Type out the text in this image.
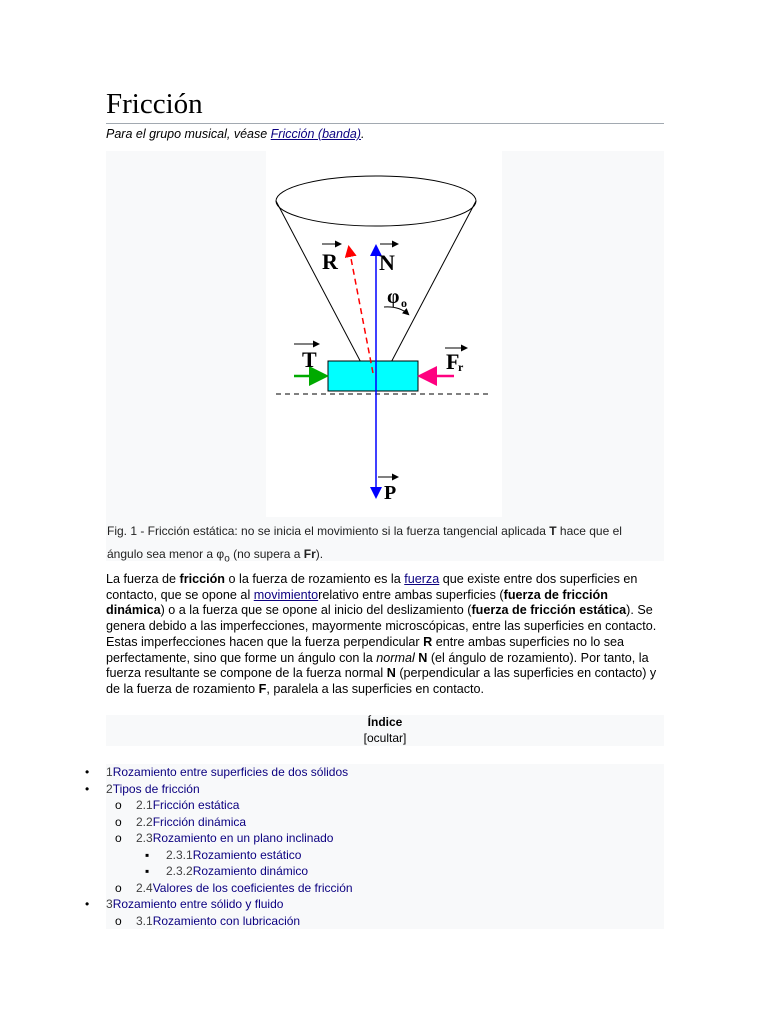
Fricción
Para el grupo musical, véase Fricción (banda).
R N
φ o
T	F
r
P
Fig. 1 - Fricción estática: no se inicia el movimiento si la fuerza tangencial aplicada T hace que el ángulo sea menor a $\varphi_o$ (no supera a Fr).
La fuerza de fricción o la fuerza de rozamiento es la fuerza que existe entre dos superficies en contacto, que se opone al movimientorelativo entre ambas superficies (fuerza de fricción dinámica) o a la fuerza que se opone al inicio del deslizamiento (fuerza de fricción estática). Se genera debido a las imperfecciones, mayormente microscópicas, entre las superficies en contacto. Estas imperfecciones hacen que la fuerza perpendicular R entre ambas superficies no lo sea perfectamente, sino que forme un ángulo con la normal N (el ángulo de rozamiento). Por tanto, la fuerza resultante se compone de la fuerza normal N (perpendicular a las superficies en contacto) y de la fuerza de rozamiento F, paralela a las superficies en contacto.
Índice
[ocultar]
• 1Rozamiento entre superficies de dos sólidos
• 2Tipos de fricción
o 2.1Fricción estática
o 2.2Fricción dinámica
o 2.3Rozamiento en un plano inclinado
▪ 2.3.1Rozamiento estático
▪ 2.3.2Rozamiento dinámico
o 2.4Valores de los coeficientes de fricción
• 3Rozamiento entre sólido y fluido
o 3.1Rozamiento con lubricación
